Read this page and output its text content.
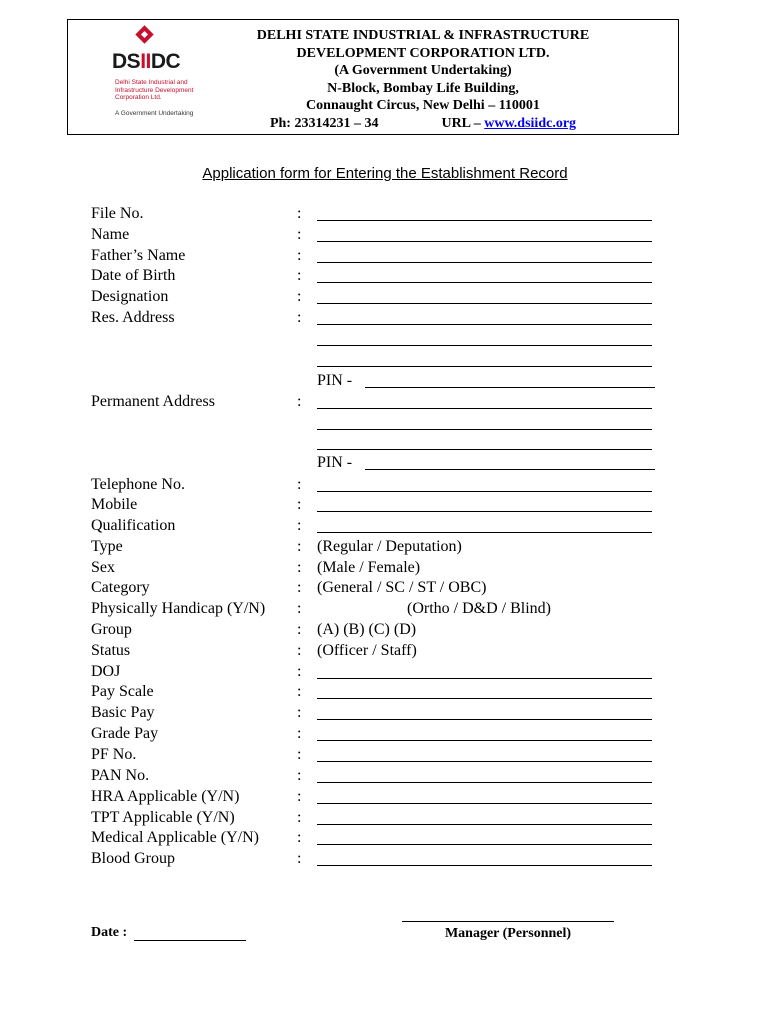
DSIIDC
Delhi State Industrial and Infrastructure Development Corporation Ltd.
A Government Undertaking
DELHI STATE INDUSTRIAL & INFRASTRUCTURE
DEVELOPMENT CORPORATION LTD.
(A Government Undertaking)
N-Block, Bombay Life Building,
Connaught Circus, New Delhi – 110001
Ph: 23314231 – 34	URL – www.dsiidc.org
Application form for Entering the Establishment Record
File No.	:
Name	:
Father’s Name	:
Date of Birth	:
Designation	:
Res. Address	:
PIN -
Permanent Address	:
PIN -
Telephone No.	:
Mobile	:
Qualification	:
Type	: (Regular / Deputation)
Sex	: (Male / Female)
Category	: (General / SC / ST / OBC)
Physically Handicap (Y/N) :	(Ortho / D&D / Blind)
Group	: (A) (B) (C) (D)
Status	: (Officer / Staff)
DOJ	:
Pay Scale	:
Basic Pay	:
Grade Pay	:
PF No.	:
PAN No.	:
HRA Applicable (Y/N)	:
TPT Applicable (Y/N)	:
Medical Applicable (Y/N) :
Blood Group	:
Date :	Manager (Personnel)
